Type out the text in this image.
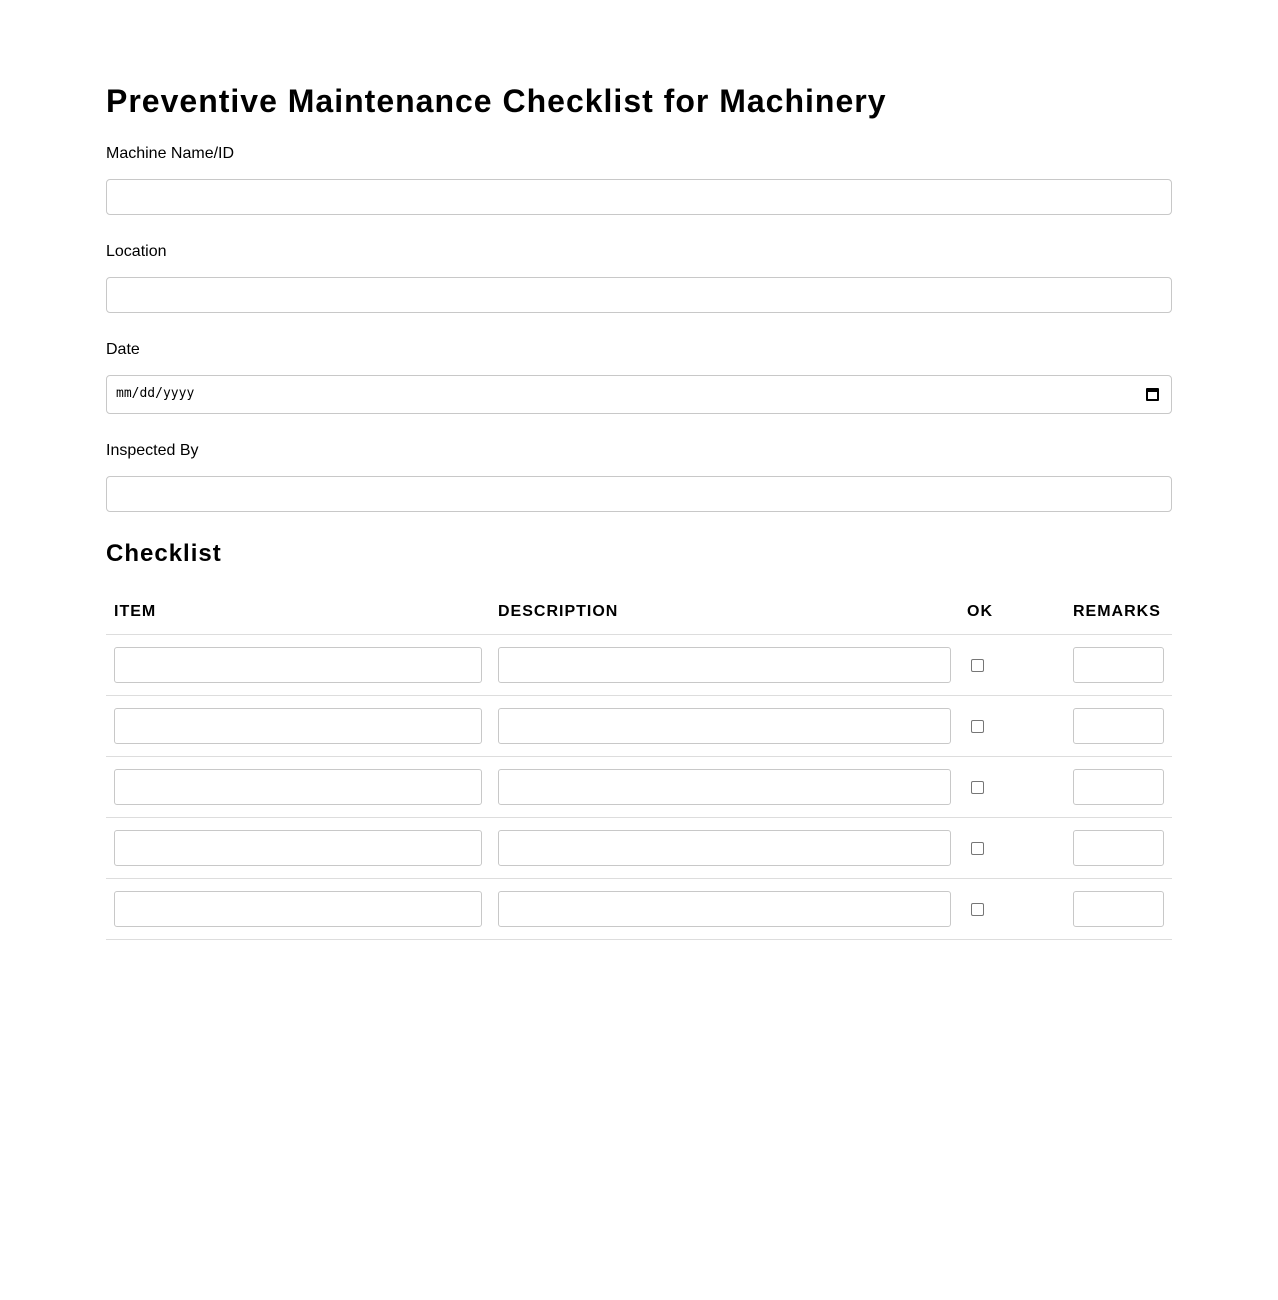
Preventive Maintenance Checklist for Machinery
Machine Name/ID
Location
Date
mm/dd/yyyy
Inspected By
Checklist
ITEM	DESCRIPTION	OK	REMARKS
